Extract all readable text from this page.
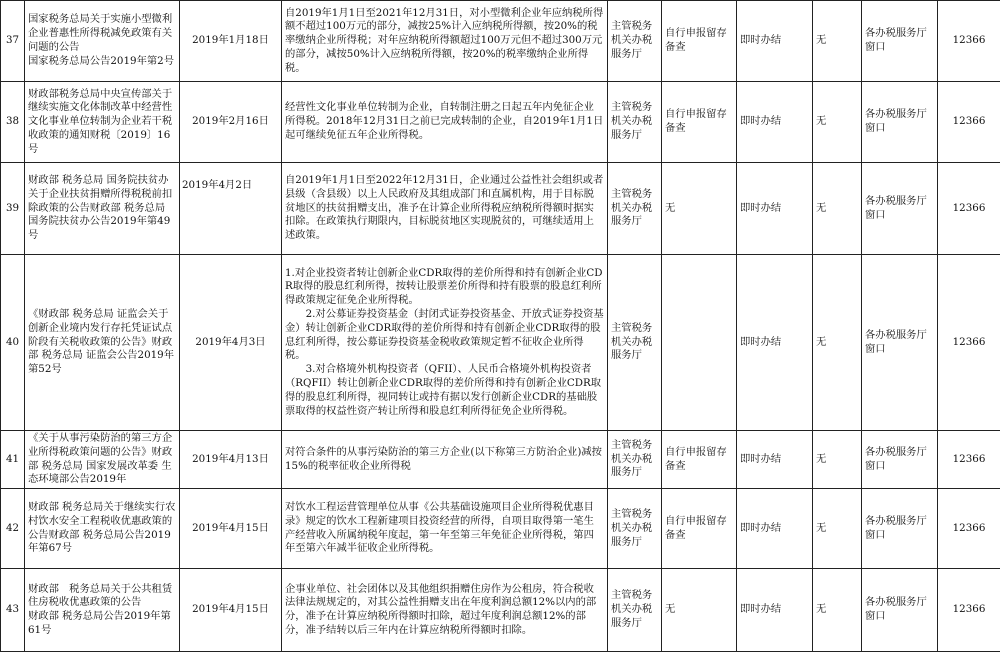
37	国家税务总局关于实施小型微利企业普惠性所得税减免政策有关问题的公告
国家税务总局公告2019年第2号	2019年1月18日	自2019年1月1日至2021年12月31日，对小型微利企业年应纳税所得额不超过100万元的部分，减按25%计入应纳税所得额，按20%的税率缴纳企业所得税；对年应纳税所得额超过100万元但不超过300万元的部分，减按50%计入应纳税所得额，按20%的税率缴纳企业所得税。	主管税务机关办税服务厅	自行申报留存备查	即时办结	无	各办税服务厅窗口	12366
38	财政部税务总局中央宣传部关于继续实施文化体制改革中经营性文化事业单位转制为企业若干税收政策的通知财税〔2019〕16号	2019年2月16日	经营性文化事业单位转制为企业，自转制注册之日起五年内免征企业所得税。2018年12月31日之前已完成转制的企业，自2019年1月1日起可继续免征五年企业所得税。	主管税务机关办税服务厅	自行申报留存备查	即时办结	无	各办税服务厅窗口	12366
39	财政部 税务总局 国务院扶贫办关于企业扶贫捐赠所得税税前扣除政策的公告财政部 税务总局 国务院扶贫办公告2019年第49号	2019年4月2日	自2019年1月1日至2022年12月31日，企业通过公益性社会组织或者县级（含县级）以上人民政府及其组成部门和直属机构，用于目标脱贫地区的扶贫捐赠支出，准予在计算企业所得税应纳税所得额时据实扣除。在政策执行期限内，目标脱贫地区实现脱贫的，可继续适用上述政策。	主管税务机关办税服务厅	无	即时办结	无	各办税服务厅窗口	12366
40	《财政部 税务总局 证监会关于创新企业境内发行存托凭证试点阶段有关税收政策的公告》财政部 税务总局 证监会公告2019年第52号	2019年4月3日	1.对企业投资者转让创新企业CDR取得的差价所得和持有创新企业CDR取得的股息红利所得，按转让股票差价所得和持有股票的股息红利所得政策规定征免企业所得税。
　　2.对公募证券投资基金（封闭式证券投资基金、开放式证券投资基金）转让创新企业CDR取得的差价所得和持有创新企业CDR取得的股息红利所得，按公募证券投资基金税收政策规定暂不征收企业所得税。
　　3.对合格境外机构投资者（QFII）、人民币合格境外机构投资者（RQFII）转让创新企业CDR取得的差价所得和持有创新企业CDR取得的股息红利所得，视同转让或持有据以发行创新企业CDR的基础股票取得的权益性资产转让所得和股息红利所得征免企业所得税。	主管税务机关办税服务厅		即时办结	无	各办税服务厅窗口	12366
41	《关于从事污染防治的第三方企业所得税政策问题的公告》财政部 税务总局 国家发展改革委 生态环境部公告2019年	2019年4月13日	对符合条件的从事污染防治的第三方企业(以下称第三方防治企业)减按15%的税率征收企业所得税	主管税务机关办税服务厅	自行申报留存备查	即时办结	无	各办税服务厅窗口	12366
42	财政部 税务总局关于继续实行农村饮水安全工程税收优惠政策的公告财政部 税务总局公告2019年第67号	2019年4月15日	对饮水工程运营管理单位从事《公共基础设施项目企业所得税优惠目录》规定的饮水工程新建项目投资经营的所得，自项目取得第一笔生产经营收入所属纳税年度起，第一年至第三年免征企业所得税，第四年至第六年减半征收企业所得税。	主管税务机关办税服务厅	自行申报留存备查	即时办结	无	各办税服务厅窗口	12366
43	财政部　税务总局关于公共租赁住房税收优惠政策的公告
财政部 税务总局公告2019年第61号	2019年4月15日	企事业单位、社会团体以及其他组织捐赠住房作为公租房，符合税收法律法规规定的，对其公益性捐赠支出在年度利润总额12%以内的部分，准予在计算应纳税所得额时扣除，超过年度利润总额12%的部分，准予结转以后三年内在计算应纳税所得额时扣除。	主管税务机关办税服务厅	无	即时办结	无	各办税服务厅窗口	12366
